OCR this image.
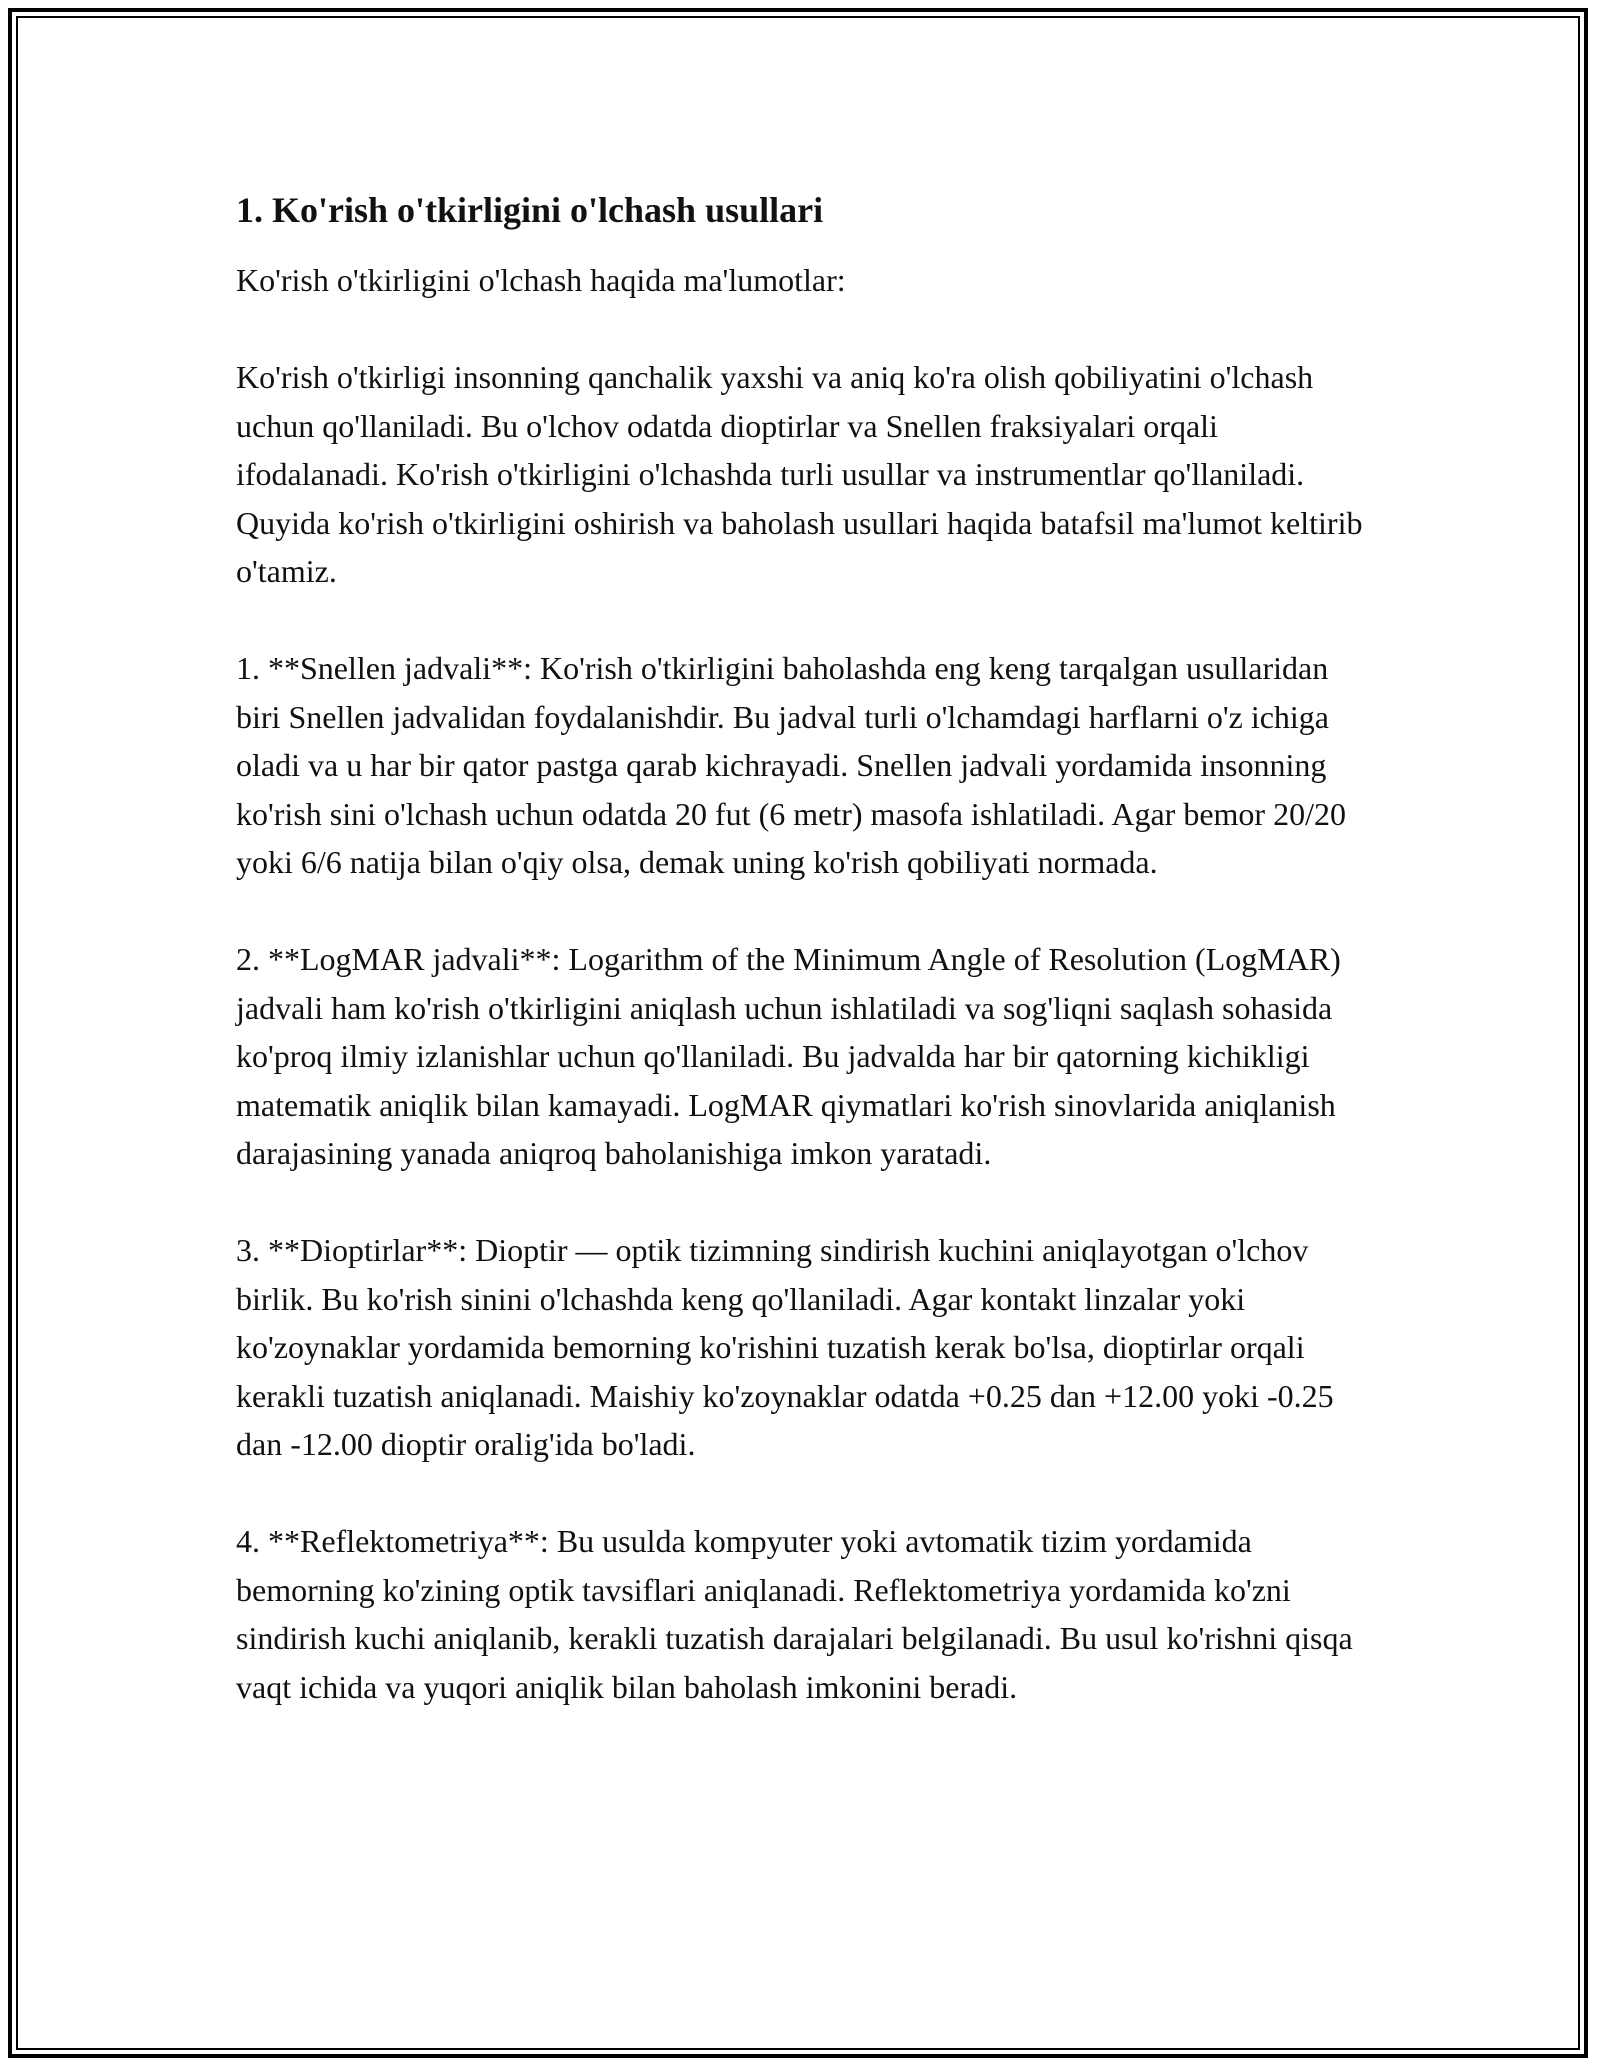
1. Ko'rish o'tkirligini o'lchash usullari

Ko'rish o'tkirligini o'lchash haqida ma'lumotlar:

Ko'rish o'tkirligi insonning qanchalik yaxshi va aniq ko'ra olish qobiliyatini o'lchash uchun qo'llaniladi. Bu o'lchov odatda dioptirlar va Snellen fraksiyalari orqali ifodalanadi. Ko'rish o'tkirligini o'lchashda turli usullar va instrumentlar qo'llaniladi. Quyida ko'rish o'tkirligini oshirish va baholash usullari haqida batafsil ma'lumot keltirib o'tamiz.

1. **Snellen jadvali**: Ko'rish o'tkirligini baholashda eng keng tarqalgan usullaridan biri Snellen jadvalidan foydalanishdir. Bu jadval turli o'lchamdagi harflarni o'z ichiga oladi va u har bir qator pastga qarab kichrayadi. Snellen jadvali yordamida insonning ko'rish sini o'lchash uchun odatda 20 fut (6 metr) masofa ishlatiladi. Agar bemor 20/20 yoki 6/6 natija bilan o'qiy olsa, demak uning ko'rish qobiliyati normada.

2. **LogMAR jadvali**: Logarithm of the Minimum Angle of Resolution (LogMAR) jadvali ham ko'rish o'tkirligini aniqlash uchun ishlatiladi va sog'liqni saqlash sohasida ko'proq ilmiy izlanishlar uchun qo'llaniladi. Bu jadvalda har bir qatorning kichikligi matematik aniqlik bilan kamayadi. LogMAR qiymatlari ko'rish sinovlarida aniqlanish darajasining yanada aniqroq baholanishiga imkon yaratadi.

3. **Dioptirlar**: Dioptir — optik tizimning sindirish kuchini aniqlayotgan o'lchov birlik. Bu ko'rish sinini o'lchashda keng qo'llaniladi. Agar kontakt linzalar yoki ko'zoynaklar yordamida bemorning ko'rishini tuzatish kerak bo'lsa, dioptirlar orqali kerakli tuzatish aniqlanadi. Maishiy ko'zoynaklar odatda +0.25 dan +12.00 yoki -0.25 dan -12.00 dioptir oralig'ida bo'ladi.

4. **Reflektometriya**: Bu usulda kompyuter yoki avtomatik tizim yordamida bemorning ko'zining optik tavsiflari aniqlanadi. Reflektometriya yordamida ko'zni sindirish kuchi aniqlanib, kerakli tuzatish darajalari belgilanadi. Bu usul ko'rishni qisqa vaqt ichida va yuqori aniqlik bilan baholash imkonini beradi.
